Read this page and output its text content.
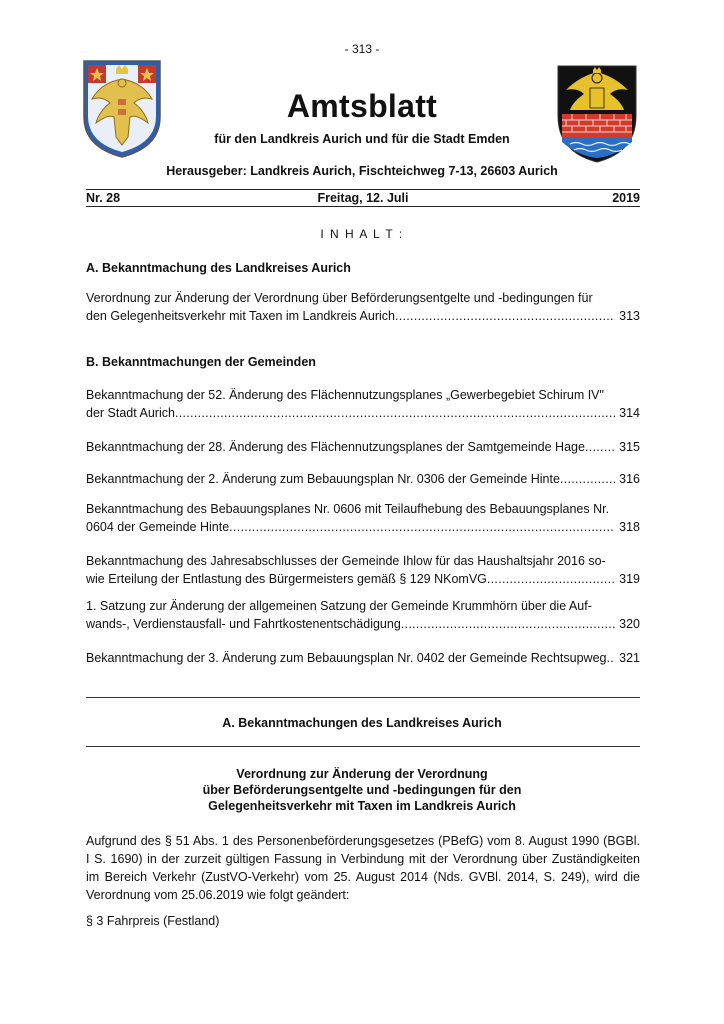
- 313 -
Amtsblatt
für den Landkreis Aurich und für die Stadt Emden
Herausgeber: Landkreis Aurich, Fischteichweg 7-13, 26603 Aurich
Nr. 28	Freitag, 12. Juli	2019
I N H A L T :
A. Bekanntmachung des Landkreises Aurich
Verordnung zur Änderung der Verordnung über Beförderungsentgelte und -bedingungen für
den Gelegenheitsverkehr mit Taxen im Landkreis Aurich .....	313
B. Bekanntmachungen der Gemeinden
Bekanntmachung der 52. Änderung des Flächennutzungsplanes „Gewerbegebiet Schirum IV"
der Stadt Aurich .....	314
Bekanntmachung der 28. Änderung des Flächennutzungsplanes der Samtgemeinde Hage .....	315
Bekanntmachung der 2. Änderung zum Bebauungsplan Nr. 0306 der Gemeinde Hinte .....	316
Bekanntmachung des Bebauungsplanes Nr. 0606 mit Teilaufhebung des Bebauungsplanes Nr.
0604 der Gemeinde Hinte .....	318
Bekanntmachung des Jahresabschlusses der Gemeinde Ihlow für das Haushaltsjahr 2016 so-
wie Erteilung der Entlastung des Bürgermeisters gemäß § 129 NKomVG .....	319
1. Satzung zur Änderung der allgemeinen Satzung der Gemeinde Krummhörn über die Auf-
wands-, Verdienstausfall- und Fahrtkostenentschädigung .....	320
Bekanntmachung der 3. Änderung zum Bebauungsplan Nr. 0402 der Gemeinde Rechtsupweg .....	321
A. Bekanntmachungen des Landkreises Aurich
Verordnung zur Änderung der Verordnung
über Beförderungsentgelte und -bedingungen für den
Gelegenheitsverkehr mit Taxen im Landkreis Aurich
Aufgrund des § 51 Abs. 1 des Personenbeförderungsgesetzes (PBefG) vom 8. August 1990 (BGBl. I S. 1690) in der zurzeit gültigen Fassung in Verbindung mit der Verordnung über Zuständigkeiten im Bereich Verkehr (ZustVO-Verkehr) vom 25. August 2014 (Nds. GVBl. 2014, S. 249), wird die Verordnung vom 25.06.2019 wie folgt geändert:
§ 3 Fahrpreis (Festland)
